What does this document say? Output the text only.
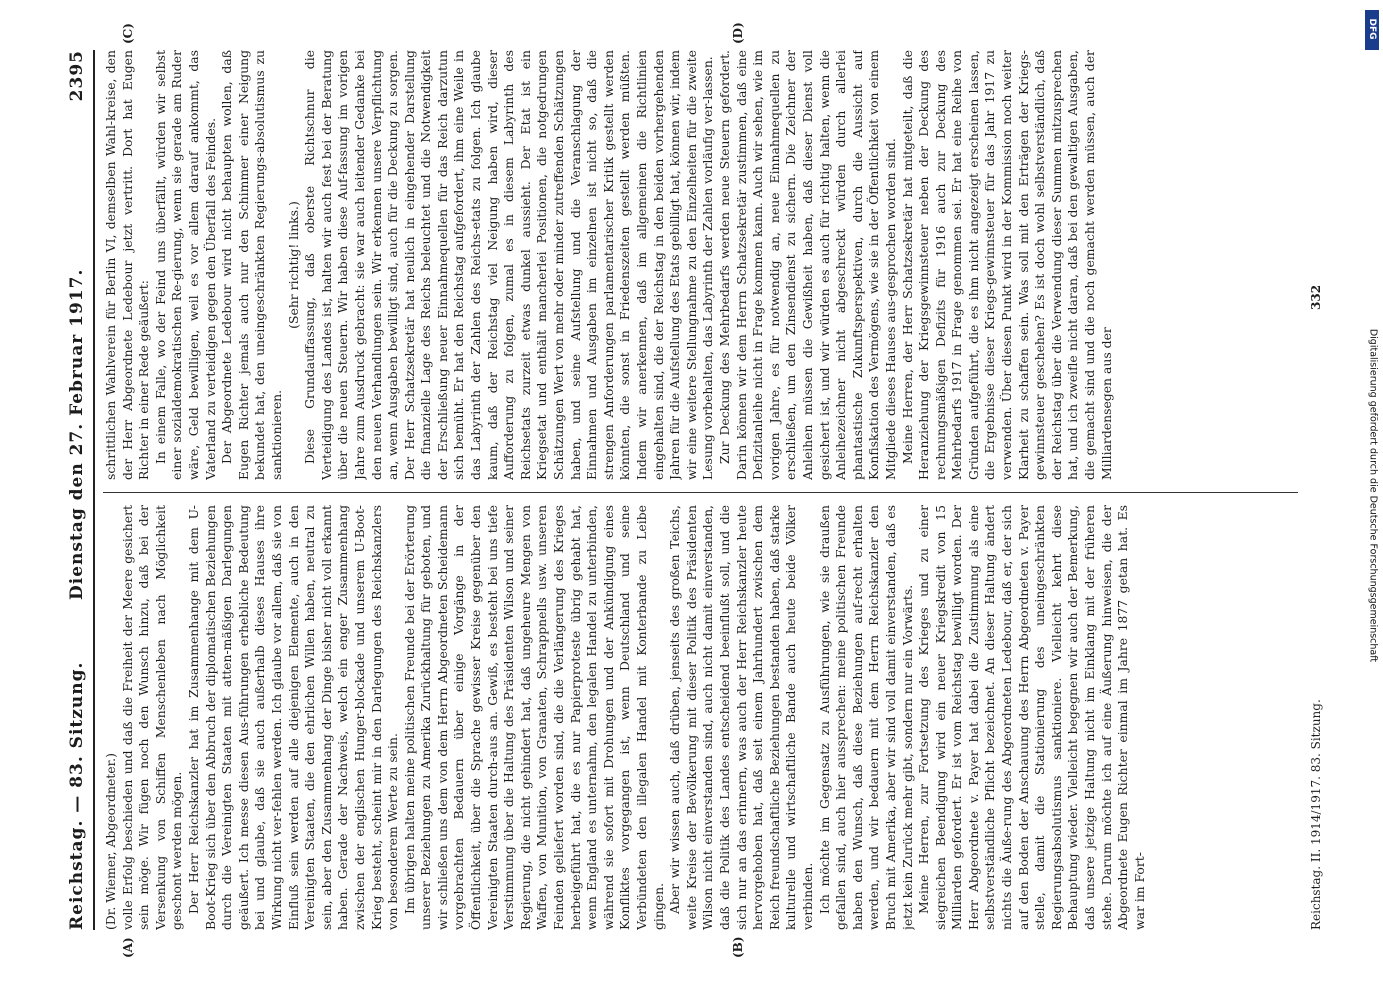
Reichstag. — 83. Sitzung.
Dienstag den 27. Februar 1917.
2395
(A)	(B)
(C)	(D)

(Dr. Wiemer, Abgeordneter.) volle Erfolg beschieden und daß die Freiheit der Meere gesichert sein möge. Wir fügen noch den Wunsch hinzu, daß bei der Versenkung von Schiffen Menschenleben nach Möglichkeit geschont werden mögen. Der Herr Reichskanzler hat im Zusammenhange mit dem U-Boot-Krieg sich über den Abbruch der diplomatischen Beziehungen durch die Vereinigten Staaten mit atten-mäßigen Darlegungen geäußert. Ich messe diesen Aus-führungen erhebliche Bedeutung bei und glaube, daß sie auch außerhalb dieses Hauses ihre Wirkung nicht ver-fehlen werden. Ich glaube vor allem, daß sie von Einfluß sein werden auf alle diejenigen Elemente, auch in den Vereinigten Staaten, die den ehrlichen Willen haben, neutral zu sein, aber den Zusammenhang der Dinge bisher nicht voll erkannt haben. Gerade der Nachweis, welch ein enger Zusammenhang zwischen der englischen Hunger-blockade und unserem U-Boot-Krieg besteht, scheint mir in den Darlegungen des Reichskanzlers von besonderem Werte zu sein. Im übrigen halten meine politischen Freunde bei der Erörterung unserer Beziehungen zu Amerika Zurückhaltung für geboten, und wir schließen uns dem von dem Herrn Abgeordneten Scheidemann vorgebrachten Bedauern über einige Vorgänge in der Öffentlichkeit, über die Sprache gewisser Kreise gegenüber den Vereinigten Staaten durch-aus an. Gewiß, es besteht bei uns tiefe Verstimmung über die Haltung des Präsidenten Wilson und seiner Regierung, die nicht gehindert hat, daß ungeheure Mengen von Waffen, von Munition, von Granaten, Schrappnells usw. unseren Feinden geliefert worden sind, die die Verlängerung des Krieges herbeigeführt hat, die es nur Papierproteste übrig gehabt hat, wenn England es unternahm, den legalen Handel zu unterbinden, während sie sofort mit Drohungen und der Ankündigung eines Konfliktes vorgegangen ist, wenn Deutschland und seine Verbündeten den illegalen Handel mit Konterbande zu Leibe gingen. Aber wir wissen auch, daß drüben, jenseits des großen Teichs, weite Kreise der Bevölkerung mit dieser Politik des Präsidenten Wilson nicht einverstanden sind, auch nicht damit einverstanden, daß die Politik des Landes entscheidend beeinflußt soll, und die sich nur an das erinnern, was auch der Herr Reichskanzler heute hervorgehoben hat, daß seit einem Jahrhundert zwischen dem Reich freundschaftliche Beziehungen bestanden haben, daß starke kulturelle und wirtschaftliche Bande auch heute beide Völker verbinden. Ich möchte im Gegensatz zu Ausführungen, wie sie draußen gefallen sind, auch hier aussprechen: meine politischen Freunde haben den Wunsch, daß diese Beziehungen auf-recht erhalten werden, und wir bedauern mit dem Herrn Reichskanzler den Bruch mit Amerika, aber wir sind voll damit einverstanden, daß es jetzt kein Zurück mehr gibt, sondern nur ein Vorwärts. Meine Herren, zur Fortsetzung des Krieges und zu einer siegreichen Beendigung wird ein neuer Kriegskredit von 15 Milliarden gefordert. Er ist vom Reichstag bewilligt worden. Der Herr Abgeordnete v. Payer hat dabei die Zustimmung als eine selbstverständliche Pflicht bezeichnet. An dieser Haltung ändert nichts die Äuße-rung des Abgeordneten Ledebour, daß er, der sich auf den Boden der Anschauung des Herrn Abgeordneten v. Payer stelle, damit die Stationierung des uneingeschränkten Regierungsabsolutismus sanktioniere. Vielleicht kehrt diese Behauptung wieder. Vielleicht begegnen wir auch der Bemerkung, daß unsere jetzige Haltung nicht im Einklang mit der früheren stehe. Darum möchte ich auf eine Äußerung hinweisen, die der Abgeordnete Eugen Richter einmal im Jahre 1877 getan hat. Es war im Fort-

schrittlichen Wahlverein für Berlin VI, demselben Wahl-kreise, den der Herr Abgeordnete Ledebour jetzt vertritt. Dort hat Eugen Richter in einer Rede geäußert: In einem Falle, wo der Feind uns überfällt, würden wir selbst einer sozialdemokratischen Re-gierung, wenn sie gerade am Ruder wäre, Geld bewilligen, weil es vor allem darauf ankommt, das Vaterland zu verteidigen gegen den Überfall des Feindes. Der Abgeordnete Ledebour wird nicht behaupten wollen, daß Eugen Richter jemals auch nur den Schimmer einer Neigung bekundet hat, den uneingeschränkten Regierungs-absolutismus zu sanktionieren.

(Sehr richtig! links.) Diese Grundauffassung, daß oberste Richtschnur die Verteidigung des Landes ist, halten wir auch fest bei der Beratung über die neuen Steuern. Wir haben diese Auf-fassung im vorigen Jahre zum Ausdruck gebracht: sie war auch leitender Gedanke bei den neuen Verhandlungen sein. Wir erkennen unsere Verpflichtung an, wenn Ausgaben bewilligt sind, auch für die Deckung zu sorgen. Der Herr Schatzsekretär hat neulich in eingehender Darstellung die finanzielle Lage des Reichs beleuchtet und die Notwendigkeit der Erschließung neuer Einnahmequellen für das Reich darzutun sich bemüht. Er hat den Reichstag aufgefordert, ihm eine Weile in das Labyrinth der Zahlen des Reichs-etats zu folgen. Ich glaube kaum, daß der Reichstag viel Neigung haben wird, dieser Aufforderung zu folgen, zumal es in diesem Labyrinth des Reichsetats zurzeit etwas dunkel aussieht. Der Etat ist ein Kriegsetat und enthält mancherlei Positionen, die notgedrungen Schätzungen Wert von mehr oder minder zutreffenden Schätzungen haben, und seine Aufstellung und die Veranschlagung der Einnahmen und Ausgaben im einzelnen ist nicht so, daß die strengen Anforderungen parlamentarischer Kritik gestellt werden könnten, die sonst in Friedenszeiten gestellt werden müßten. Indem wir anerkennen, daß im allgemeinen die Richtlinien eingehalten sind, die der Reichstag in den beiden vorhergehenden Jahren für die Aufstellung des Etats gebilligt hat, können wir, indem wir eine weitere Stellungnahme zu den Einzelheiten für die zweite Lesung vorbehalten, das Labyrinth der Zahlen vorläufig ver-lassen. Zur Deckung des Mehrbedarfs werden neue Steuern gefordert. Darin können wir dem Herrn Schatzsekretär zustimmen, daß eine Defizitanleihe nicht in Frage kommen kann. Auch wir sehen, wie im vorigen Jahre, es für notwendig an, neue Einnahmequellen zu erschließen, um den Zinsendienst zu sichern. Die Zeichner der Anleihen müssen die Gewißheit haben, daß dieser Dienst voll gesichert ist, und wir würden es auch für richtig halten, wenn die Anleihezeichner nicht abgeschreckt würden durch allerlei phantastische Zukunftsperspektiven, durch die Aussicht auf Konfiskation des Vermögens, wie sie in der Öffentlichkeit von einem Mitgliede dieses Hauses aus-gesprochen worden sind. Meine Herren, der Herr Schatzsekretär hat mitgeteilt, daß die Heranziehung der Kriegsgewinnsteuer neben der Deckung des rechnungsmäßigen Defizits für 1916 auch zur Deckung des Mehrbedarfs 1917 in Frage genommen sei. Er hat eine Reihe von Gründen aufgeführt, die es ihm nicht angezeigt erscheinen lassen, die Ergebnisse dieser Kriegs-gewinnsteuer für das Jahr 1917 zu verwenden. Über diesen Punkt wird in der Kommission noch weiter Klarheit zu schaffen sein. Was soll mit den Erträgen der Kriegs-gewinnsteuer geschehen? Es ist doch wohl selbstverständlich, daß der Reichstag über die Verwendung dieser Summen mitzusprechen hat, und ich zweifle nicht daran, daß bei den gewaltigen Ausgaben, die gemacht sind und die noch gemacht werden müssen, auch der Milliardensegen aus der

Reichstag. II. 1914/1917. 83. Sitzung.
332
DFG
Digitalisierung gefördert durch die Deutsche Forschungsgemeinschaft
